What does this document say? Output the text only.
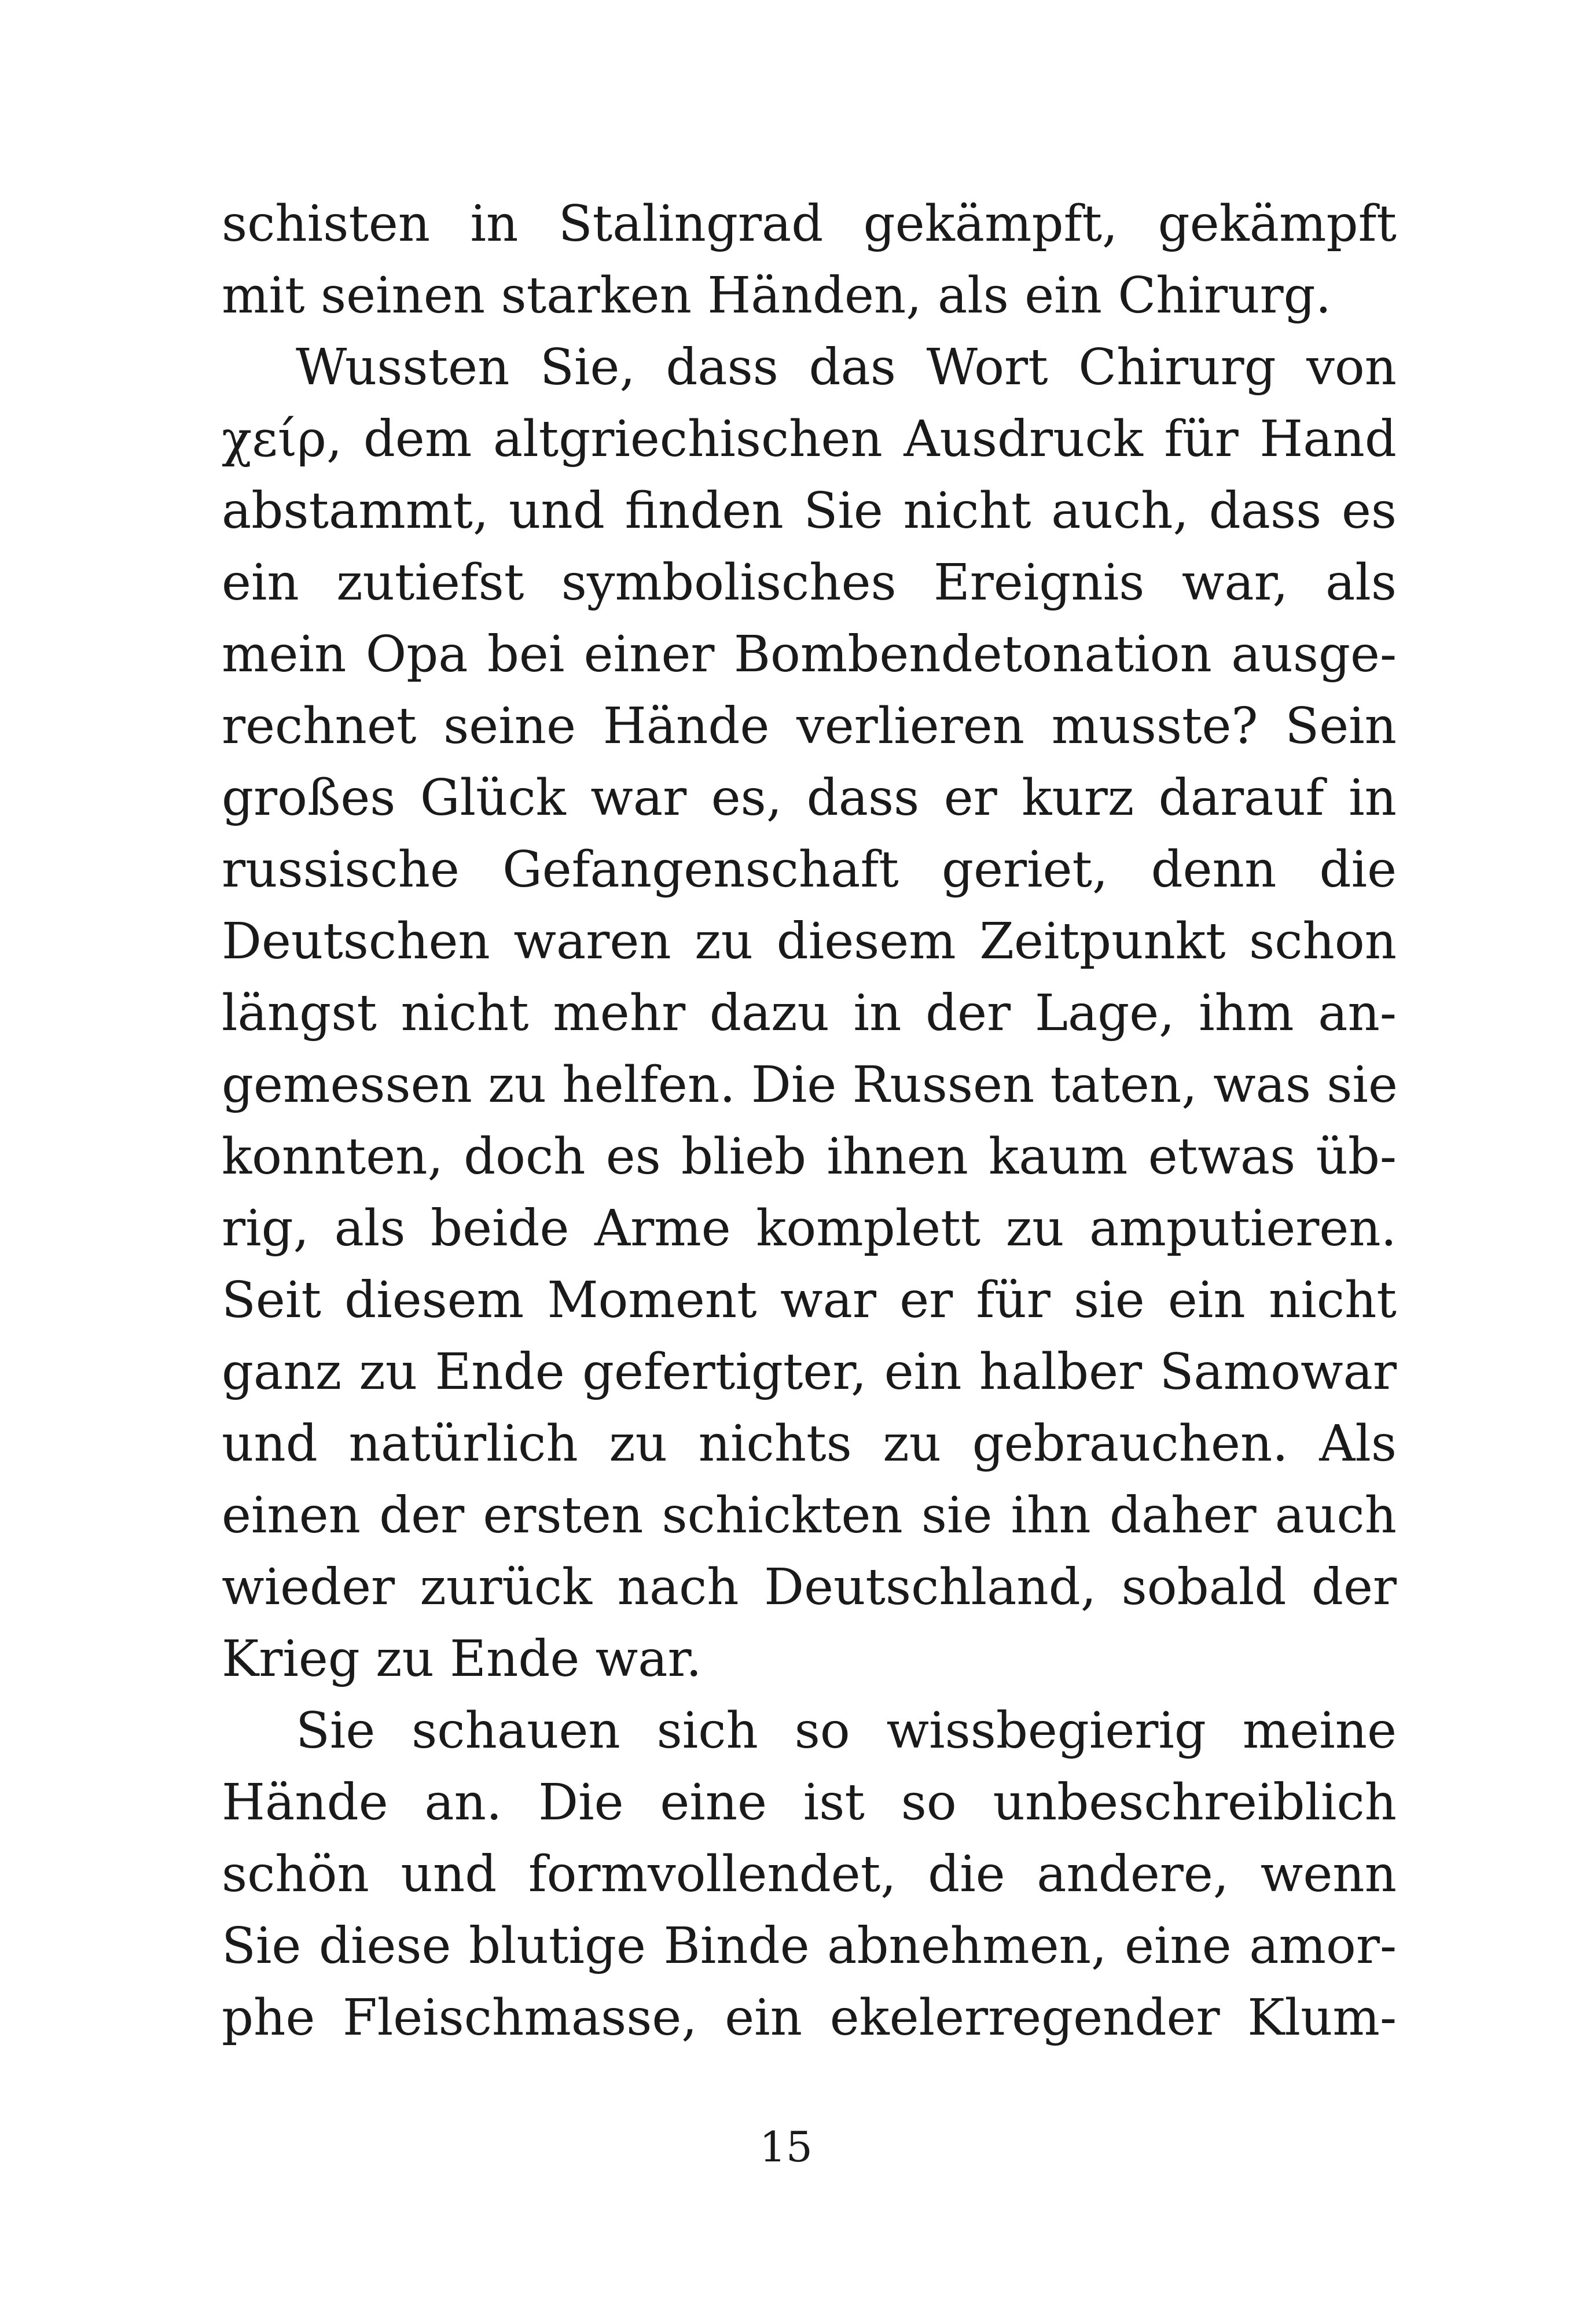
schisten in Stalingrad gekämpft, gekämpft
mit seinen starken Händen, als ein Chirurg.
Wussten Sie, dass das Wort Chirurg von
χείρ, dem altgriechischen Ausdruck für Hand
abstammt, und finden Sie nicht auch, dass es
ein zutiefst symbolisches Ereignis war, als
mein Opa bei einer Bombendetonation ausge-
rechnet seine Hände verlieren musste? Sein
großes Glück war es, dass er kurz darauf in
russische Gefangenschaft geriet, denn die
Deutschen waren zu diesem Zeitpunkt schon
längst nicht mehr dazu in der Lage, ihm an-
gemessen zu helfen. Die Russen taten, was sie
konnten, doch es blieb ihnen kaum etwas üb-
rig, als beide Arme komplett zu amputieren.
Seit diesem Moment war er für sie ein nicht
ganz zu Ende gefertigter, ein halber Samowar
und natürlich zu nichts zu gebrauchen. Als
einen der ersten schickten sie ihn daher auch
wieder zurück nach Deutschland, sobald der
Krieg zu Ende war.
Sie schauen sich so wissbegierig meine
Hände an. Die eine ist so unbeschreiblich
schön und formvollendet, die andere, wenn
Sie diese blutige Binde abnehmen, eine amor-
phe Fleischmasse, ein ekelerregender Klum-
15
